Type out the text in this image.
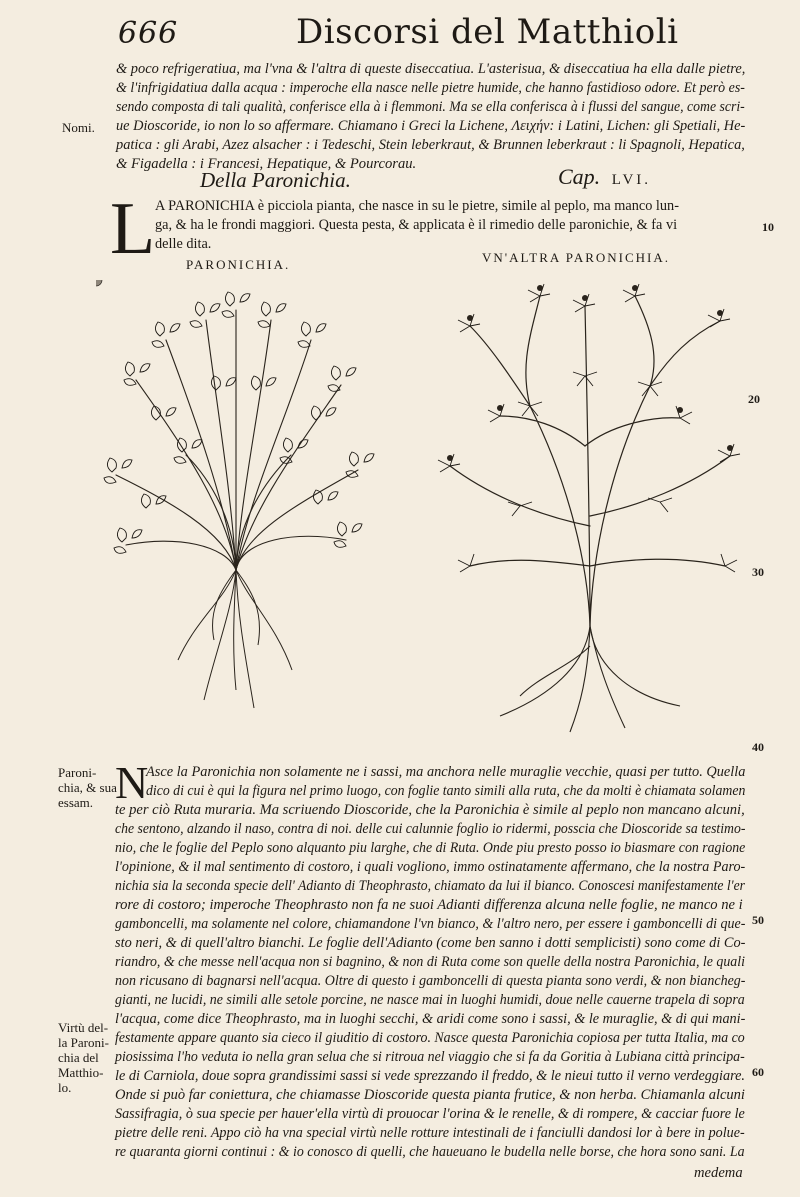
666	Discorsi del Matthioli
& poco refrigeratiua, ma l'vna & l'altra di queste diseccatiua. L'asterisua, & diseccatiua ha ella dalle pietre,
& l'infrigidatiua dalla acqua : imperoche ella nasce nelle pietre humide, che hanno fastidioso odore. Et però es-
sendo composta di tali qualità, conferisce ella à i flemmoni. Ma se ella conferisca à i flussi del sangue, come scri-
ue Dioscoride, io non lo so affermare. Chiamano i Greci la Lichene, Λειχήν: i Latini, Lichen: gli Spetiali, He-
patica : gli Arabi, Azez alsacher : i Tedeschi, Stein leberkraut, & Brunnen leberkraut : li Spagnoli, Hepatica,
& Figadella : i Francesi, Hepatique, & Pourcorau.
Nomi.
Della Paronichia.	Cap. LVI.
L A PARONICHIA è picciola pianta, che nasce in su le pietre, simile al peplo, ma manco lun-
ga, & ha le frondi maggiori. Questa pesta, & applicata è il rimedio delle paronichie, & fa vi
delle dita.
PARONICHIA.	VN'ALTRA PARONICHIA.
10
20
30
40
50
60
Paroni-
chia, & sua
essam.
Virtù del-
la Paroni-
chia del
Matthio-
lo.
N
Asce la Paronichia non solamente ne i sassi, ma anchora nelle muraglie vecchie, quasi per tutto. Quella
dico di cui è qui la figura nel primo luogo, con foglie tanto simili alla ruta, che da molti è chiamata solamen
te per ciò Ruta muraria. Ma scriuendo Dioscoride, che la Paronichia è simile al peplo non mancano alcuni,
che sentono, alzando il naso, contra di noi. delle cui calunnie foglio io ridermi, posscia che Dioscoride sa testimo-
nio, che le foglie del Peplo sono alquanto piu larghe, che di Ruta. Onde piu presto posso io biasmare con ragione
l'opinione, & il mal sentimento di costoro, i quali vogliono, immo ostinatamente affermano, che la nostra Paro-
nichia sia la seconda specie dell' Adianto di Theophrasto, chiamato da lui il bianco. Conoscesi manifestamente l'er
rore di costoro; imperoche Theophrasto non fa ne suoi Adianti differenza alcuna nelle foglie, ne manco ne i
gamboncelli, ma solamente nel colore, chiamandone l'vn bianco, & l'altro nero, per essere i gamboncelli di que-
sto neri, & di quell'altro bianchi. Le foglie dell'Adianto (come ben sanno i dotti semplicisti) sono come di Co-
riandro, & che messe nell'acqua non si bagnino, & non di Ruta come son quelle della nostra Paronichia, le quali
non ricusano di bagnarsi nell'acqua. Oltre di questo i gamboncelli di questa pianta sono verdi, & non biancheg-
gianti, ne lucidi, ne simili alle setole porcine, ne nasce mai in luoghi humidi, doue nelle cauerne trapela di sopra
l'acqua, come dice Theophrasto, ma in luoghi secchi, & aridi come sono i sassi, & le muraglie, & di qui mani-
festamente appare quanto sia cieco il giuditio di costoro. Nasce questa Paronichia copiosa per tutta Italia, ma co
piosissima l'ho veduta io nella gran selua che si ritroua nel viaggio che si fa da Goritia à Lubiana città principa-
le di Carniola, doue sopra grandissimi sassi si vede sprezzando il freddo, & le nieui tutto il verno verdeggiare.
Onde si può far coniettura, che chiamasse Dioscoride questa pianta frutice, & non herba. Chiamanla alcuni
Sassifragia, ò sua specie per hauer'ella virtù di prouocar l'orina & le renelle, & di rompere, & cacciar fuore le
pietre delle reni. Appo ciò ha vna special virtù nelle rotture intestinali de i fanciulli dandosi lor à bere in polue-
re quaranta giorni continui : & io conosco di quelli, che haueuano le budella nelle borse, che hora sono sani. La
medema
